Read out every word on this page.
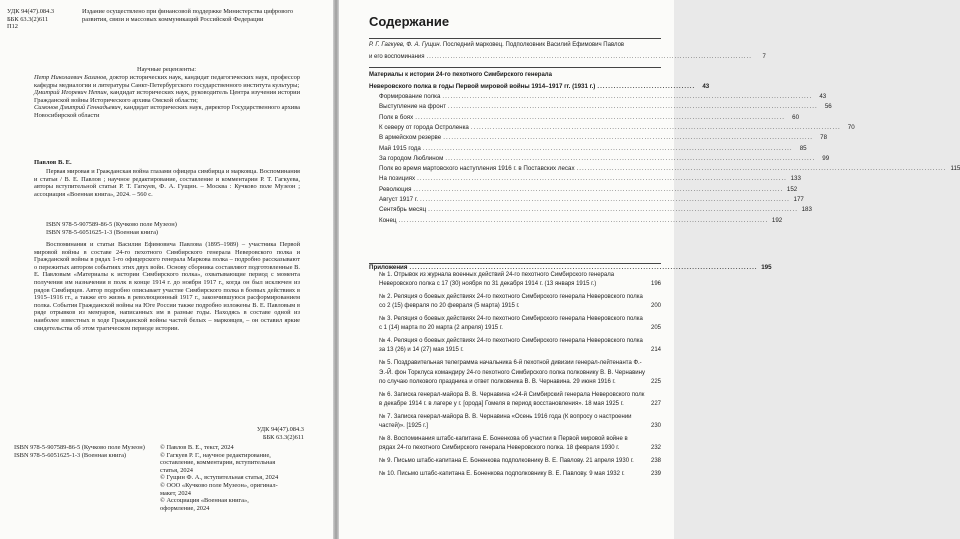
УДК 94(47).084.3
ББК 63.3(2)611
П12
Издание осуществлено при финансовой поддержке Министерства цифрового развития, связи и массовых коммуникаций Российской Федерации
Научные рецензенты:
Петр Николаевич Базанов, доктор исторических наук, кандидат педагогических наук, профессор кафедры медиалогии и литературы Санкт-Петербургского государственного института культуры;
Дмитрий Игоревич Нетин, кандидат исторических наук, руководитель Центра изучения истории Гражданской войны Исторического архива Омской области;
Симонов Дмитрий Геннадьевич, кандидат исторических наук, директор Государственного архива Новосибирской области
Павлов В. Е.
Первая мировая и Гражданская война глазами офицера симбирца и марковца. Воспоминания и статьи / В. Е. Павлов ; научное редактирование, составление и комментарии Р. Т. Гагкуева, авторы вступительной статьи Р. Т. Гагкуев, Ф. А. Гущин. – Москва : Кучково поле Музеон ; ассоциация «Военная книга», 2024. – 560 с.
ISBN 978-5-907589-86-5 (Кучково поле Музеон)
ISBN 978-5-6051625-1-3 (Военная книга)
Воспоминания и статьи Василия Ефимовича Павлова (1895–1989) – участника Первой мировой войны в составе 24-го пехотного Симбирского генерала Неверовского полка и Гражданской войны в рядах 1-го офицерского генерала Маркова полка – подробно рассказывают о пережитых автором событиях этих двух войн. Основу сборника составляют подготовленные В. Е. Павловым «Материалы к истории Симбирского полка», охватывающие период с момента получения им назначения в полк в конце 1914 г. до ноября 1917 г., когда он был исключен из рядов Симбирцев. Автор подробно описывает участие Симбирского полка в боевых действиях в 1915–1916 гг., а также его жизнь в революционный 1917 г., закончившуюся расформированием полка. События Гражданской войны на Юге России также подробно изложены В. Е. Павловым в ряде отрывков из мемуаров, написанных им в разные годы. Находясь в составе одной из наиболее известных в ходе Гражданской войны частей белых – марковцев, – он оставил яркие свидетельства об этом трагическом периоде истории.
УДК 94(47).084.3
ББК 63.3(2)611
ISBN 978-5-907589-86-5 (Кучково поле Музеон)
ISBN 978-5-6051625-1-3 (Военная книга)
© Павлов В. Е., текст, 2024
© Гагкуев Р. Г., научное редактирование, составление, комментарии, вступительная статья, 2024
© Гущин Ф. А., вступительная статья, 2024
© ООО «Кучково поле Музеон», оригинал-макет, 2024
© Ассоциация «Военная книга», оформление, 2024
Содержание
Р. Г. Гагкуев, Ф. А. Гущин. Последний марковец. Подполковник Василий Ефимович Павлов
и его воспоминания ..........................................................................................................................	7
Материалы к истории 24-го пехотного Симбирского генерала
Неверовского полка в годы Первой мировой войны 1914–1917 гг. (1931 г.) ....................................	43
Формирование полка ........................................................................................................................................	43
Выступление на фронт ........................................................................................................................................	56
Полк в боях ........................................................................................................................................	60
К северу от города Остроленка ........................................................................................................................................	70
В армейском резерве ........................................................................................................................................	78
Май 1915 года ........................................................................................................................................	85
За городом Люблином ........................................................................................................................................	99
Полк во время мартовского наступления 1916 г. в Поставских лесах ........................................................................................................................................ 115
На позициях ........................................................................................................................................ 133
Революция ........................................................................................................................................ 152
Август 1917 г. ........................................................................................................................................ 177
Сентябрь месяц ........................................................................................................................................ 183
Конец ........................................................................................................................................ 192
Приложения ................................................................................................................................ 195
№ 1. Отрывок из журнала военных действий 24-го пехотного Симбирского генерала Неверовского полка с 17 (30) ноября по 31 декабря 1914 г. (13 января 1915 г.)	196
№ 2. Реляция о боевых действиях 24-го пехотного Симбирского генерала Неверовского полка со 2 (15) февраля по 20 февраля (5 марта) 1915 г.	200
№ 3. Реляция о боевых действиях 24-го пехотного Симбирского генерала Неверовского полка с 1 (14) марта по 20 марта (2 апреля) 1915 г.	205
№ 4. Реляция о боевых действиях 24-го пехотного Симбирского генерала Неверовского полка за 13 (26) и 14 (27) мая 1915 г.	214
№ 5. Поздравительная телеграмма начальника 6-й пехотной дивизии генерал-лейтенанта Ф.-Э.-Й. фон Торклуса командиру 24-го пехотного Симбирского полка полковнику В. В. Чернавину по случаю полкового праздника и ответ полковника В. В. Чернавина. 29 июня 1916 г.	225
№ 6. Записка генерал-майора В. В. Чернавина «24-й Симбирский генерала Неверовского полк в декабре 1914 г. в лагере у г. [орода] Гомеля в период восстановления». 18 мая 1925 г.	227
№ 7. Записка генерал-майора В. В. Чернавина «Осень 1916 года (К вопросу о настроении частей)». [1925 г.]	230
№ 8. Воспоминания штабс-капитана Е. Боненкова об участии в Первой мировой войне в рядах 24-го пехотного Симбирского генерала Неверовского полка. 18 февраля 1930 г.	232
№ 9. Письмо штабс-капитана Е. Боненкова подполковнику В. Е. Павлову. 21 апреля 1930 г.	238
№ 10. Письмо штабс-капитана Е. Боненкова подполковнику В. Е. Павлову. 9 мая 1932 г.	239
